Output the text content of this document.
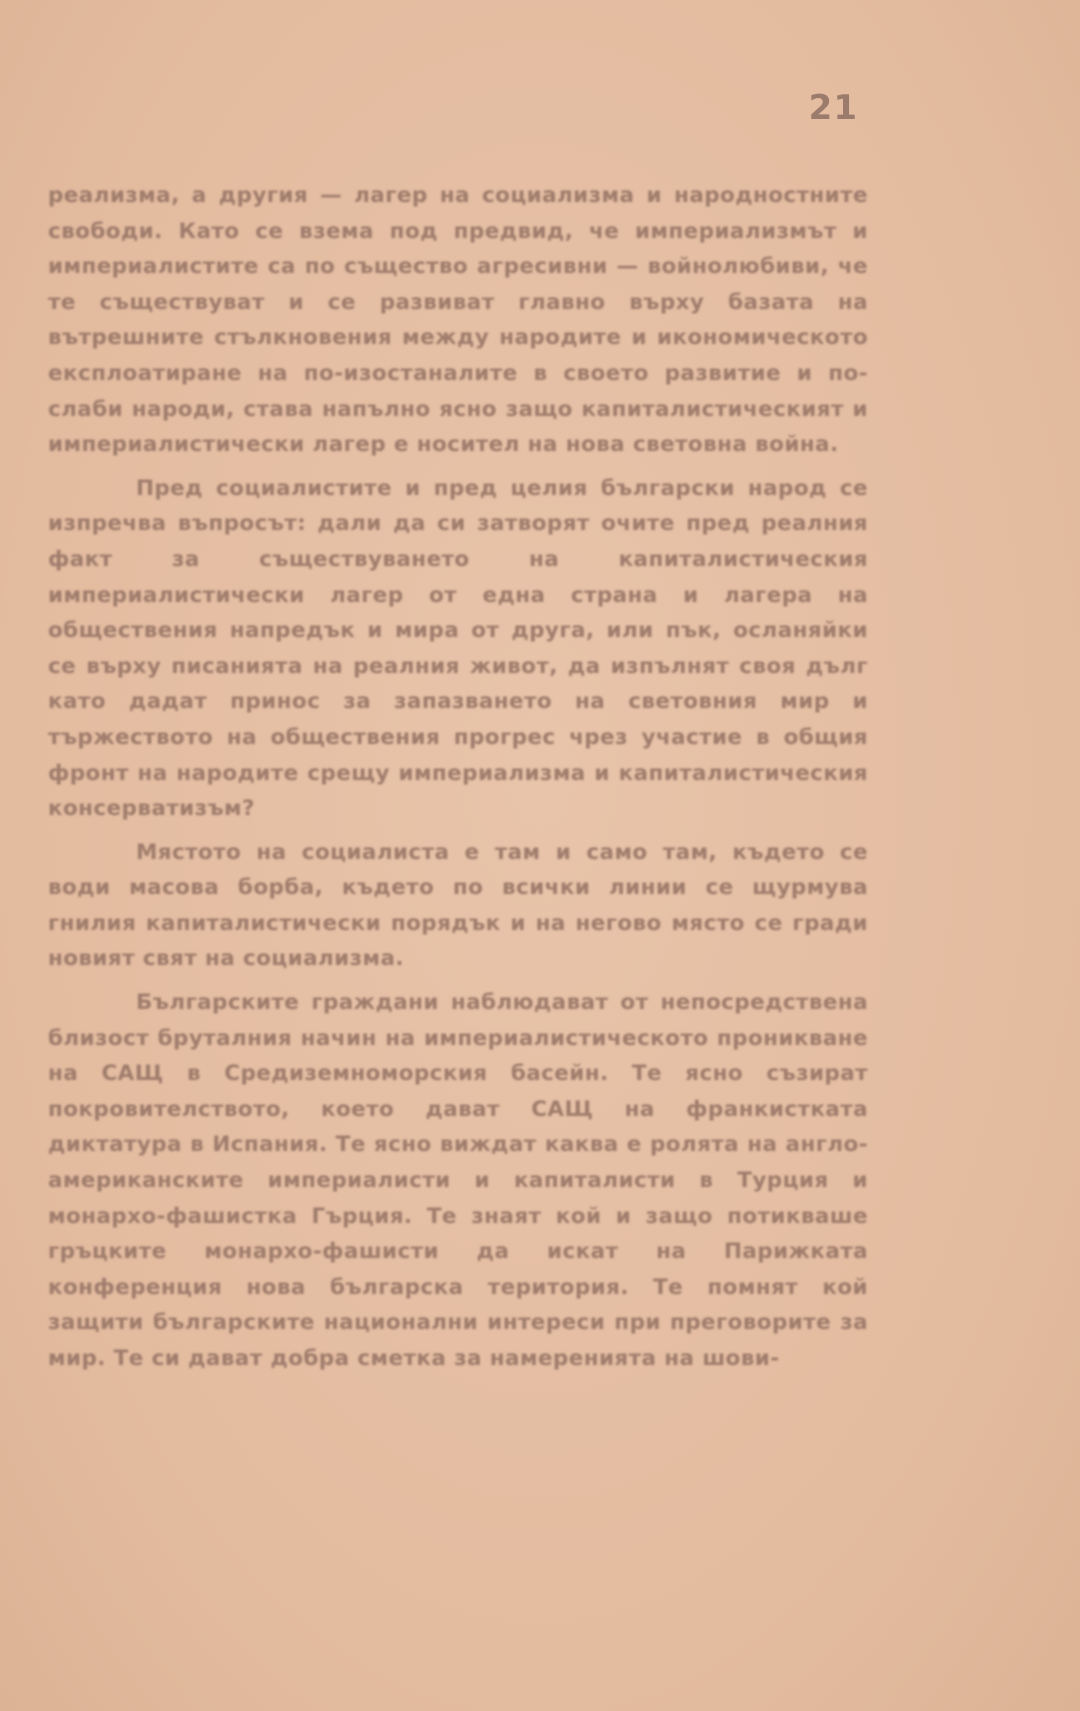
21

реализма, а другия — лагер на социализма и народностните свободи. Като се взема под предвид, че империализмът и империалистите са по същество агресивни — войнолюбиви, че те съществуват и се развиват главно върху базата на вътрешните стълкновения между народите и икономическото експлоатиране на по-изостаналите в своето развитие и по-слаби народи, става напълно ясно защо капиталистическият и империалистически лагер е носител на нова световна война.

Пред социалистите и пред целия български народ се изпречва въпросът: дали да си затворят очите пред реалния факт за съществуването на капиталистическия империалистически лагер от една страна и лагера на обществения напредък и мира от друга, или пък, осланяйки се върху писанията на реалния живот, да изпълнят своя дълг като дадат принос за запазването на световния мир и тържеството на обществения прогрес чрез участие в общия фронт на народите срещу империализма и капиталистическия консерватизъм?

Мястото на социалиста е там и само там, където се води масова борба, където по всички линии се щурмува гнилия капиталистически порядък и на негово място се гради новият свят на социализма.

Българските граждани наблюдават от непосредствена близост бруталния начин на империалистическото проникване на САЩ в Средиземноморския басейн. Те ясно съзират покровителството, което дават САЩ на франкистката диктатура в Испания. Те ясно виждат каква е ролята на англо-американските империалисти и капиталисти в Турция и монархо-фашистка Гърция. Те знаят кой и защо потикваше гръцките монархо-фашисти да искат на Парижката конференция нова българска територия. Те помнят кой защити българските национални интереси при преговорите за мир. Те си дават добра сметка за намеренията на шови-
